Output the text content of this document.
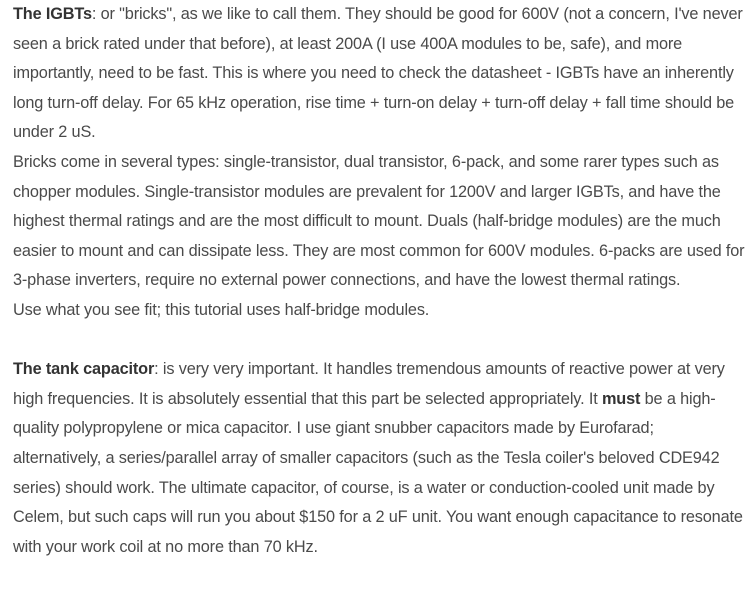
The IGBTs: or "bricks", as we like to call them. They should be good for 600V (not a concern, I've never seen a brick rated under that before), at least 200A (I use 400A modules to be, safe), and more importantly, need to be fast. This is where you need to check the datasheet - IGBTs have an inherently long turn-off delay. For 65 kHz operation, rise time + turn-on delay + turn-off delay + fall time should be under 2 uS.

Bricks come in several types: single-transistor, dual transistor, 6-pack, and some rarer types such as chopper modules. Single-transistor modules are prevalent for 1200V and larger IGBTs, and have the highest thermal ratings and are the most difficult to mount. Duals (half-bridge modules) are the much easier to mount and can dissipate less. They are most common for 600V modules. 6-packs are used for 3-phase inverters, require no external power connections, and have the lowest thermal ratings.

Use what you see fit; this tutorial uses half-bridge modules.

The tank capacitor: is very very important. It handles tremendous amounts of reactive power at very high frequencies. It is absolutely essential that this part be selected appropriately. It must be a high-quality polypropylene or mica capacitor. I use giant snubber capacitors made by Eurofarad; alternatively, a series/parallel array of smaller capacitors (such as the Tesla coiler's beloved CDE942 series) should work. The ultimate capacitor, of course, is a water or conduction-cooled unit made by Celem, but such caps will run you about $150 for a 2 uF unit. You want enough capacitance to resonate with your work coil at no more than 70 kHz.
